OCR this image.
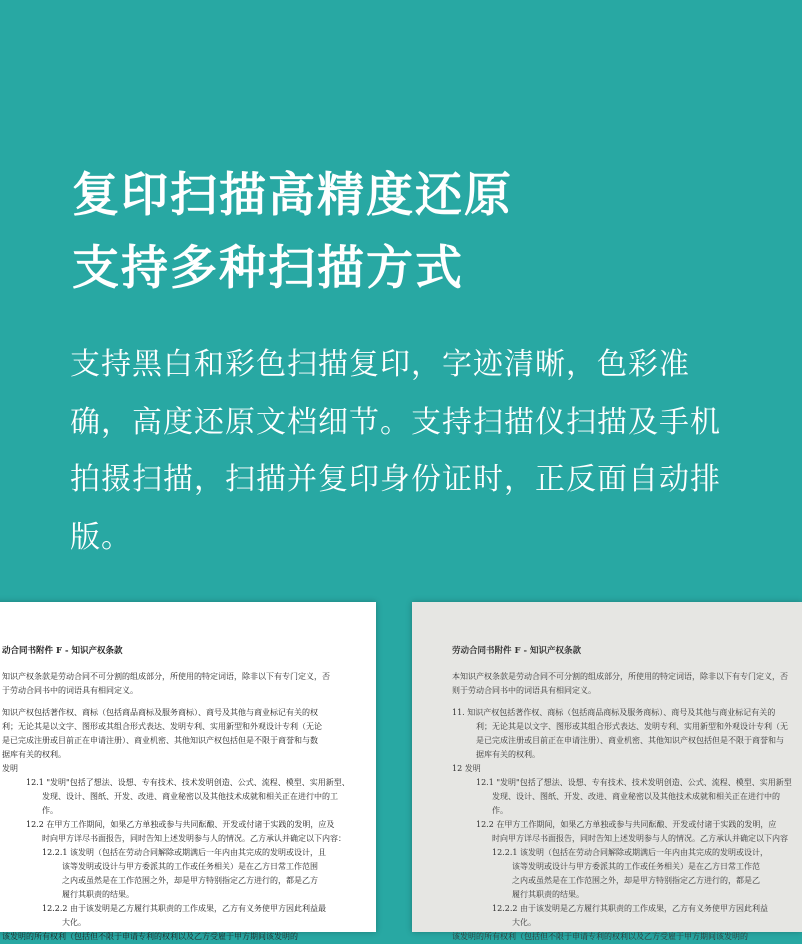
复印扫描高精度还原
支持多种扫描方式
支持黑白和彩色扫描复印，字迹清晰，色彩准确，高度还原文档细节。支持扫描仪扫描及手机拍摄扫描，扫描并复印身份证时，正反面自动排版。
动合同书附件 F - 知识产权条款

知识产权条款是劳动合同不可分割的组成部分，所使用的特定词语，除非以下有专门定义，否

于劳动合同书中的词语具有相同定义。

知识产权包括著作权、商标（包括商品商标及服务商标）、商号及其他与商业标记有关的权

利；无论其是以文字、图形或其组合形式表达、发明专利、实用新型和外观设计专利（无论

是已完成注册或目前正在申请注册）、商业机密、其他知识产权包括但是不限于商誉和与数

据库有关的权利。

发明

12.1 "发明"包括了想法、设想、专有技术、技术发明创造、公式、流程、模型、实用新型、

发现、设计、图纸、开发、改进、商业秘密以及其他技术成就和相关正在进行中的工

作。

12.2 在甲方工作期间，如果乙方单独或参与共同酝酿、开发或付诸于实践的发明，应及

时向甲方详尽书面报告，同时告知上述发明参与人的情况。乙方承认并确定以下内容：

12.2.1 该发明（包括在劳动合同解除或期满后一年内由其完成的发明或设计，且

该等发明或设计与甲方委派其的工作或任务相关）是在乙方日常工作范围

之内或虽然是在工作范围之外，却是甲方特别指定乙方进行的，都是乙方

履行其职责的结果。

12.2.2 由于该发明是乙方履行其职责的工作成果，乙方有义务使甲方因此利益最

大化。

该发明的所有权利（包括但不限于申请专利的权利以及乙方受雇于甲方期间该发明的

劳动合同书附件 F - 知识产权条款

本知识产权条款是劳动合同不可分割的组成部分，所使用的特定词语，除非以下有专门定义，否

则于劳动合同书中的词语具有相同定义。

11. 知识产权包括著作权、商标（包括商品商标及服务商标）、商号及其他与商业标记有关的

利；无论其是以文字、图形或其组合形式表达、发明专利、实用新型和外观设计专利（无

是已完成注册或目前正在申请注册）、商业机密、其他知识产权包括但是不限于商誉和与

据库有关的权利。

12 发明

12.1 "发明"包括了想法、设想、专有技术、技术发明创造、公式、流程、模型、实用新型

发现、设计、图纸、开发、改进、商业秘密以及其他技术成就和相关正在进行中的

作。

12.2 在甲方工作期间，如果乙方单独或参与共同酝酿、开发或付诸于实践的发明，应

时向甲方详尽书面报告，同时告知上述发明参与人的情况。乙方承认并确定以下内容

12.2.1 该发明（包括在劳动合同解除或期满后一年内由其完成的发明或设计，

该等发明或设计与甲方委派其的工作或任务相关）是在乙方日常工作范

之内或虽然是在工作范围之外，却是甲方特别指定乙方进行的，都是乙

履行其职责的结果。

12.2.2 由于该发明是乙方履行其职责的工作成果，乙方有义务使甲方因此利益

大化。

该发明的所有权利（包括但不限于申请专利的权利以及乙方受雇于甲方期间该发明的
